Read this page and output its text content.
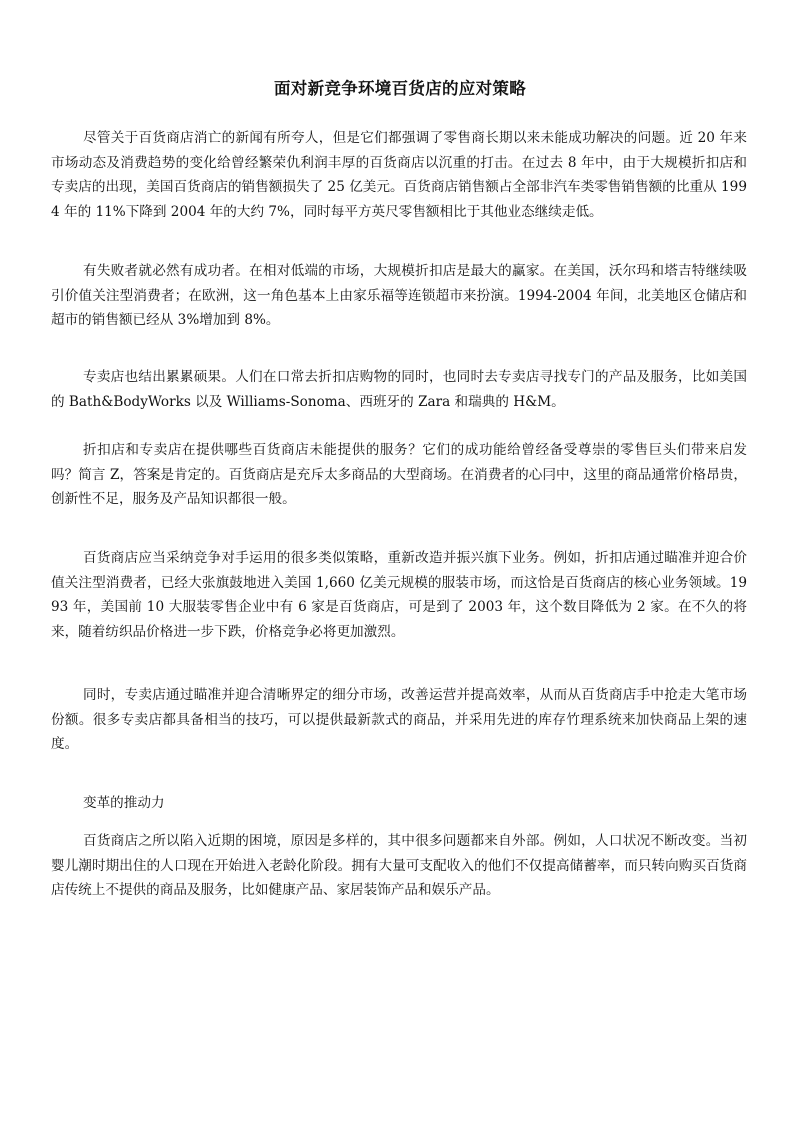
面对新竞争环境百货店的应对策略

尽管关于百货商店消亡的新闻有所夸人，但是它们都强调了零售商长期以来未能成功解决的问题。近 20 年来市场动态及消费趋势的变化给曾经繁荣仇利润丰厚的百货商店以沉重的打击。在过去 8 年中，由于大规模折扣店和专卖店的出现，美国百货商店的销售额损失了 25 亿美元。百货商店销售额占全部非汽车类零售销售额的比重从 1994 年的 11%下降到 2004 年的大约 7%，同时每平方英尺零售额相比于其他业态继续走低。

有失败者就必然有成功者。在相对低端的市场，大规模折扣店是最大的赢家。在美国，沃尔玛和塔吉特继续吸引价值关注型消费者；在欧洲，这一角色基本上由家乐福等连锁超市来扮演。1994-2004 年间，北美地区仓储店和超市的销售额已经从 3%增加到 8%。

专卖店也结出累累硕果。人们在口常去折扣店购物的同时，也同时去专卖店寻找专门的产品及服务，比如美国的 Bath&BodyWorks 以及 Williams-Sonoma、西班牙的 Zara 和瑞典的 H&M。

折扣店和专卖店在提供哪些百货商店未能提供的服务？它们的成功能给曾经备受尊崇的零售巨头们带来启发吗？简言 Z，答案是肯定的。百货商店是充斥太多商品的大型商场。在消费者的心冃中，这里的商品通常价格昂贵，创新性不足，服务及产品知识都很一般。

百货商店应当采纳竞争对手运用的很多类似策略，重新改造并振兴旗下业务。例如，折扣店通过瞄准并迎合价值关注型消费者，已经大张旗鼓地进入美国 1,660 亿美元规模的服装市场，而这恰是百货商店的核心业务领域。1993 年，美国前 10 大服装零售企业中有 6 家是百货商店，可是到了 2003 年，这个数目降低为 2 家。在不久的将来，随着纺织品价格进一步下跌，价格竞争必将更加激烈。

同时，专卖店通过瞄准并迎合清晰界定的细分市场，改善运营并提高效率，从而从百货商店手中抢走大笔市场份额。很多专卖店都具备相当的技巧，可以提供最新款式的商品，并采用先进的库存竹理系统来加快商品上架的速度。

变革的推动力

百货商店之所以陷入近期的困境，原因是多样的，其中很多问题都来自外部。例如，人口状况不断改变。当初婴儿潮时期出住的人口现在开始进入老龄化阶段。拥有大量可支配收入的他们不仅提高储蓄率，而只转向购买百货商店传统上不提供的商品及服务，比如健康产品、家居装饰产品和娱乐产品。
